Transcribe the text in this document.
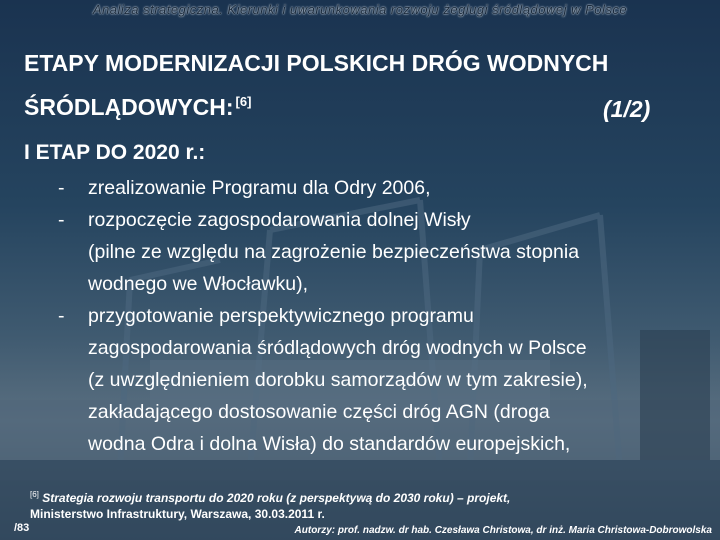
Analiza strategiczna. Kierunki i uwarunkowania rozwoju żeglugi śródlądowej w Polsce
ETAPY MODERNIZACJI POLSKICH DRÓG WODNYCH
ŚRÓDLĄDOWYCH: [6]	(1/2)
I ETAP DO 2020 r.:
- zrealizowanie Programu dla Odry 2006,
- rozpoczęcie zagospodarowania dolnej Wisły
(pilne ze względu na zagrożenie bezpieczeństwa stopnia
wodnego we Włocławku),
- przygotowanie perspektywicznego programu
zagospodarowania śródlądowych dróg wodnych w Polsce
(z uwzględnieniem dorobku samorządów w tym zakresie),
zakładającego dostosowanie części dróg AGN (droga
wodna Odra i dolna Wisła) do standardów europejskich,
[6] Strategia rozwoju transportu do 2020 roku (z perspektywą do 2030 roku) – projekt,
Ministerstwo Infrastruktury, Warszawa, 30.03.2011 r.
/83	Autorzy: prof. nadzw. dr hab. Czesława Christowa, dr inż. Maria Christowa-Dobrowolska
